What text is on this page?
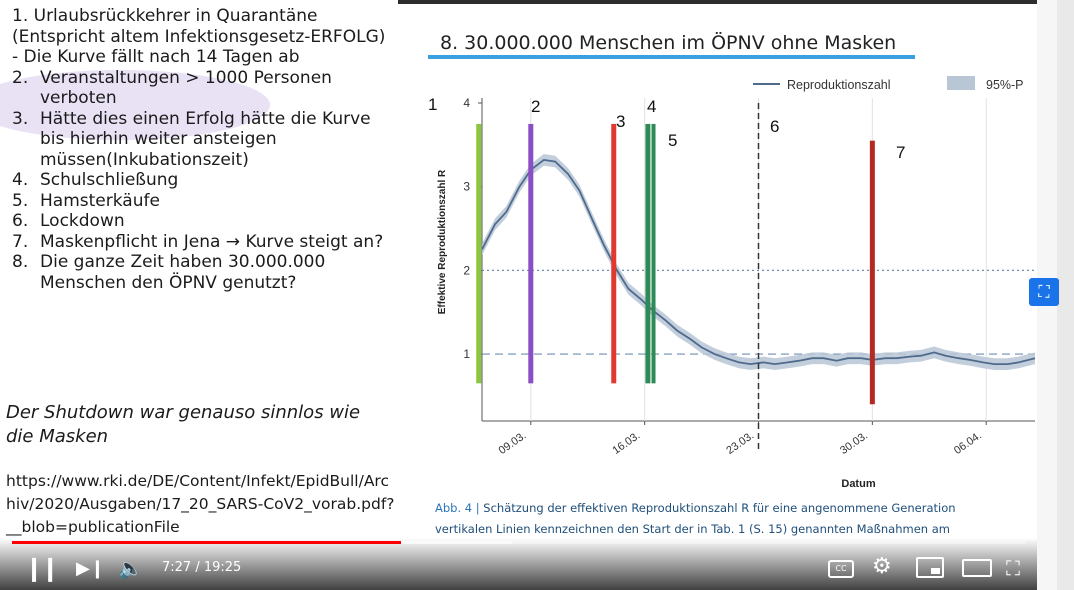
1. Urlaubsrückkehrer in Quarantäne (Entspricht altem Infektionsgesetz-ERFOLG) - Die Kurve fällt nach 14 Tagen ab
2. Veranstaltungen > 1000 Personen verboten
3. Hätte dies einen Erfolg hätte die Kurve bis hierhin weiter ansteigen müssen(Inkubationszeit)
4. Schulschließung
5. Hamsterkäufe
6. Lockdown
7. Maskenpflicht in Jena → Kurve steigt an?
8. Die ganze Zeit haben 30.000.000 Menschen den ÖPNV genutzt?
Der Shutdown war genauso sinnlos wie die Masken
https://www.rki.de/DE/Content/Infekt/EpidBull/Archiv/2020/Ausgaben/17_20_SARS-CoV2_vorab.pdf?__blob=publicationFile
8. 30.000.000 Menschen im ÖPNV ohne Masken
1
2
3
4
Effektive Reproduktionszahl R
09.03.	16.03.	23.03.	30.03.	06.04.
Datum
1	2
3
4
5
6
7
Reproduktionszahl	95%-P
Abb. 4 | Schätzung der effektiven Reproduktionszahl R für eine angenommene Generation
vertikalen Linien kennzeichnen den Start der in Tab. 1 (S. 15) genannten Maßnahmen am
⛶
❙❙ ▶❙ 🔈 7:27 / 19:25	CC	⚙	⛶
